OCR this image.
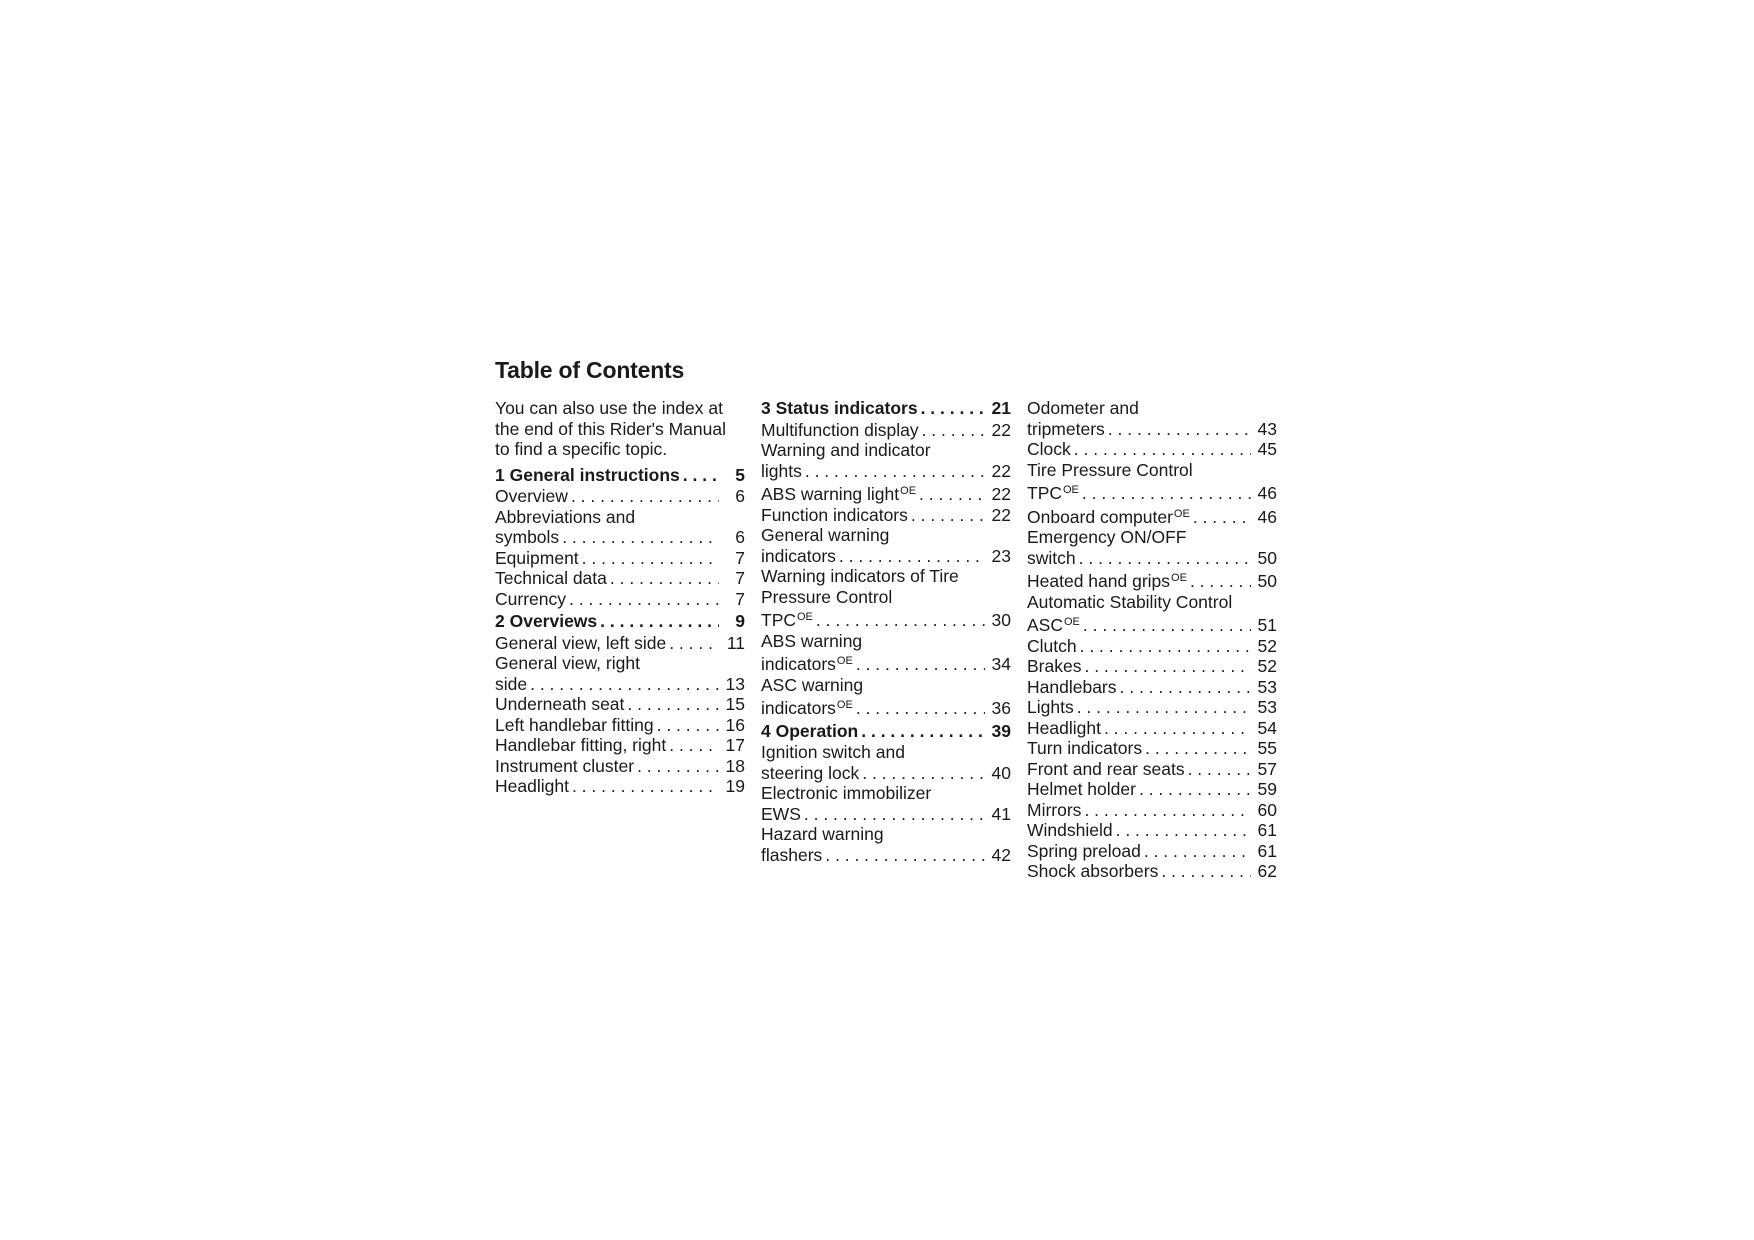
Table of Contents

You can also use the index at the end of this Rider's Manual to find a specific topic.

1 General instructions . . .	5
Overview . . .	6
Abbreviations and
symbols . . .	6
Equipment . . .	7
Technical data . . .	7
Currency . . .	7
2 Overviews . . .	9
General view, left side . . .	11
General view, right
side . . .	13
Underneath seat . . .	15
Left handlebar fitting . . .	16
Handlebar fitting, right . . .	17
Instrument cluster . . .	18
Headlight . . .	19
3 Status indicators . . .	21
Multifunction display . . .	22
Warning and indicator
lights . . .	22
ABS warning light$^{OE}$ . . .	22
Function indicators . . .	22
General warning
indicators . . .	23
Warning indicators of Tire
Pressure Control
$TPC^{OE}$ . . .	30
ABS warning
indicators$^{OE}$ . . .	34
ASC warning
indicators$^{OE}$ . . .	36
4 Operation . . .	39
Ignition switch and
steering lock . . .	40
Electronic immobilizer
EWS . . .	41
Hazard warning
flashers . . .	42
Odometer and
tripmeters . . .	43
Clock . . .	45
Tire Pressure Control
$TPC^{OE}$ . . .	46
Onboard computer$^{OE}$ . . .	46
Emergency ON/OFF
switch . . .	50
Heated hand grips$^{OE}$ . . .	50
Automatic Stability Control
$ASC^{OE}$ . . .	51
Clutch . . .	52
Brakes . . .	52
Handlebars . . .	53
Lights . . .	53
Headlight . . .	54
Turn indicators . . .	55
Front and rear seats . . .	57
Helmet holder . . .	59
Mirrors . . .	60
Windshield . . .	61
Spring preload . . .	61
Shock absorbers . . .	62
